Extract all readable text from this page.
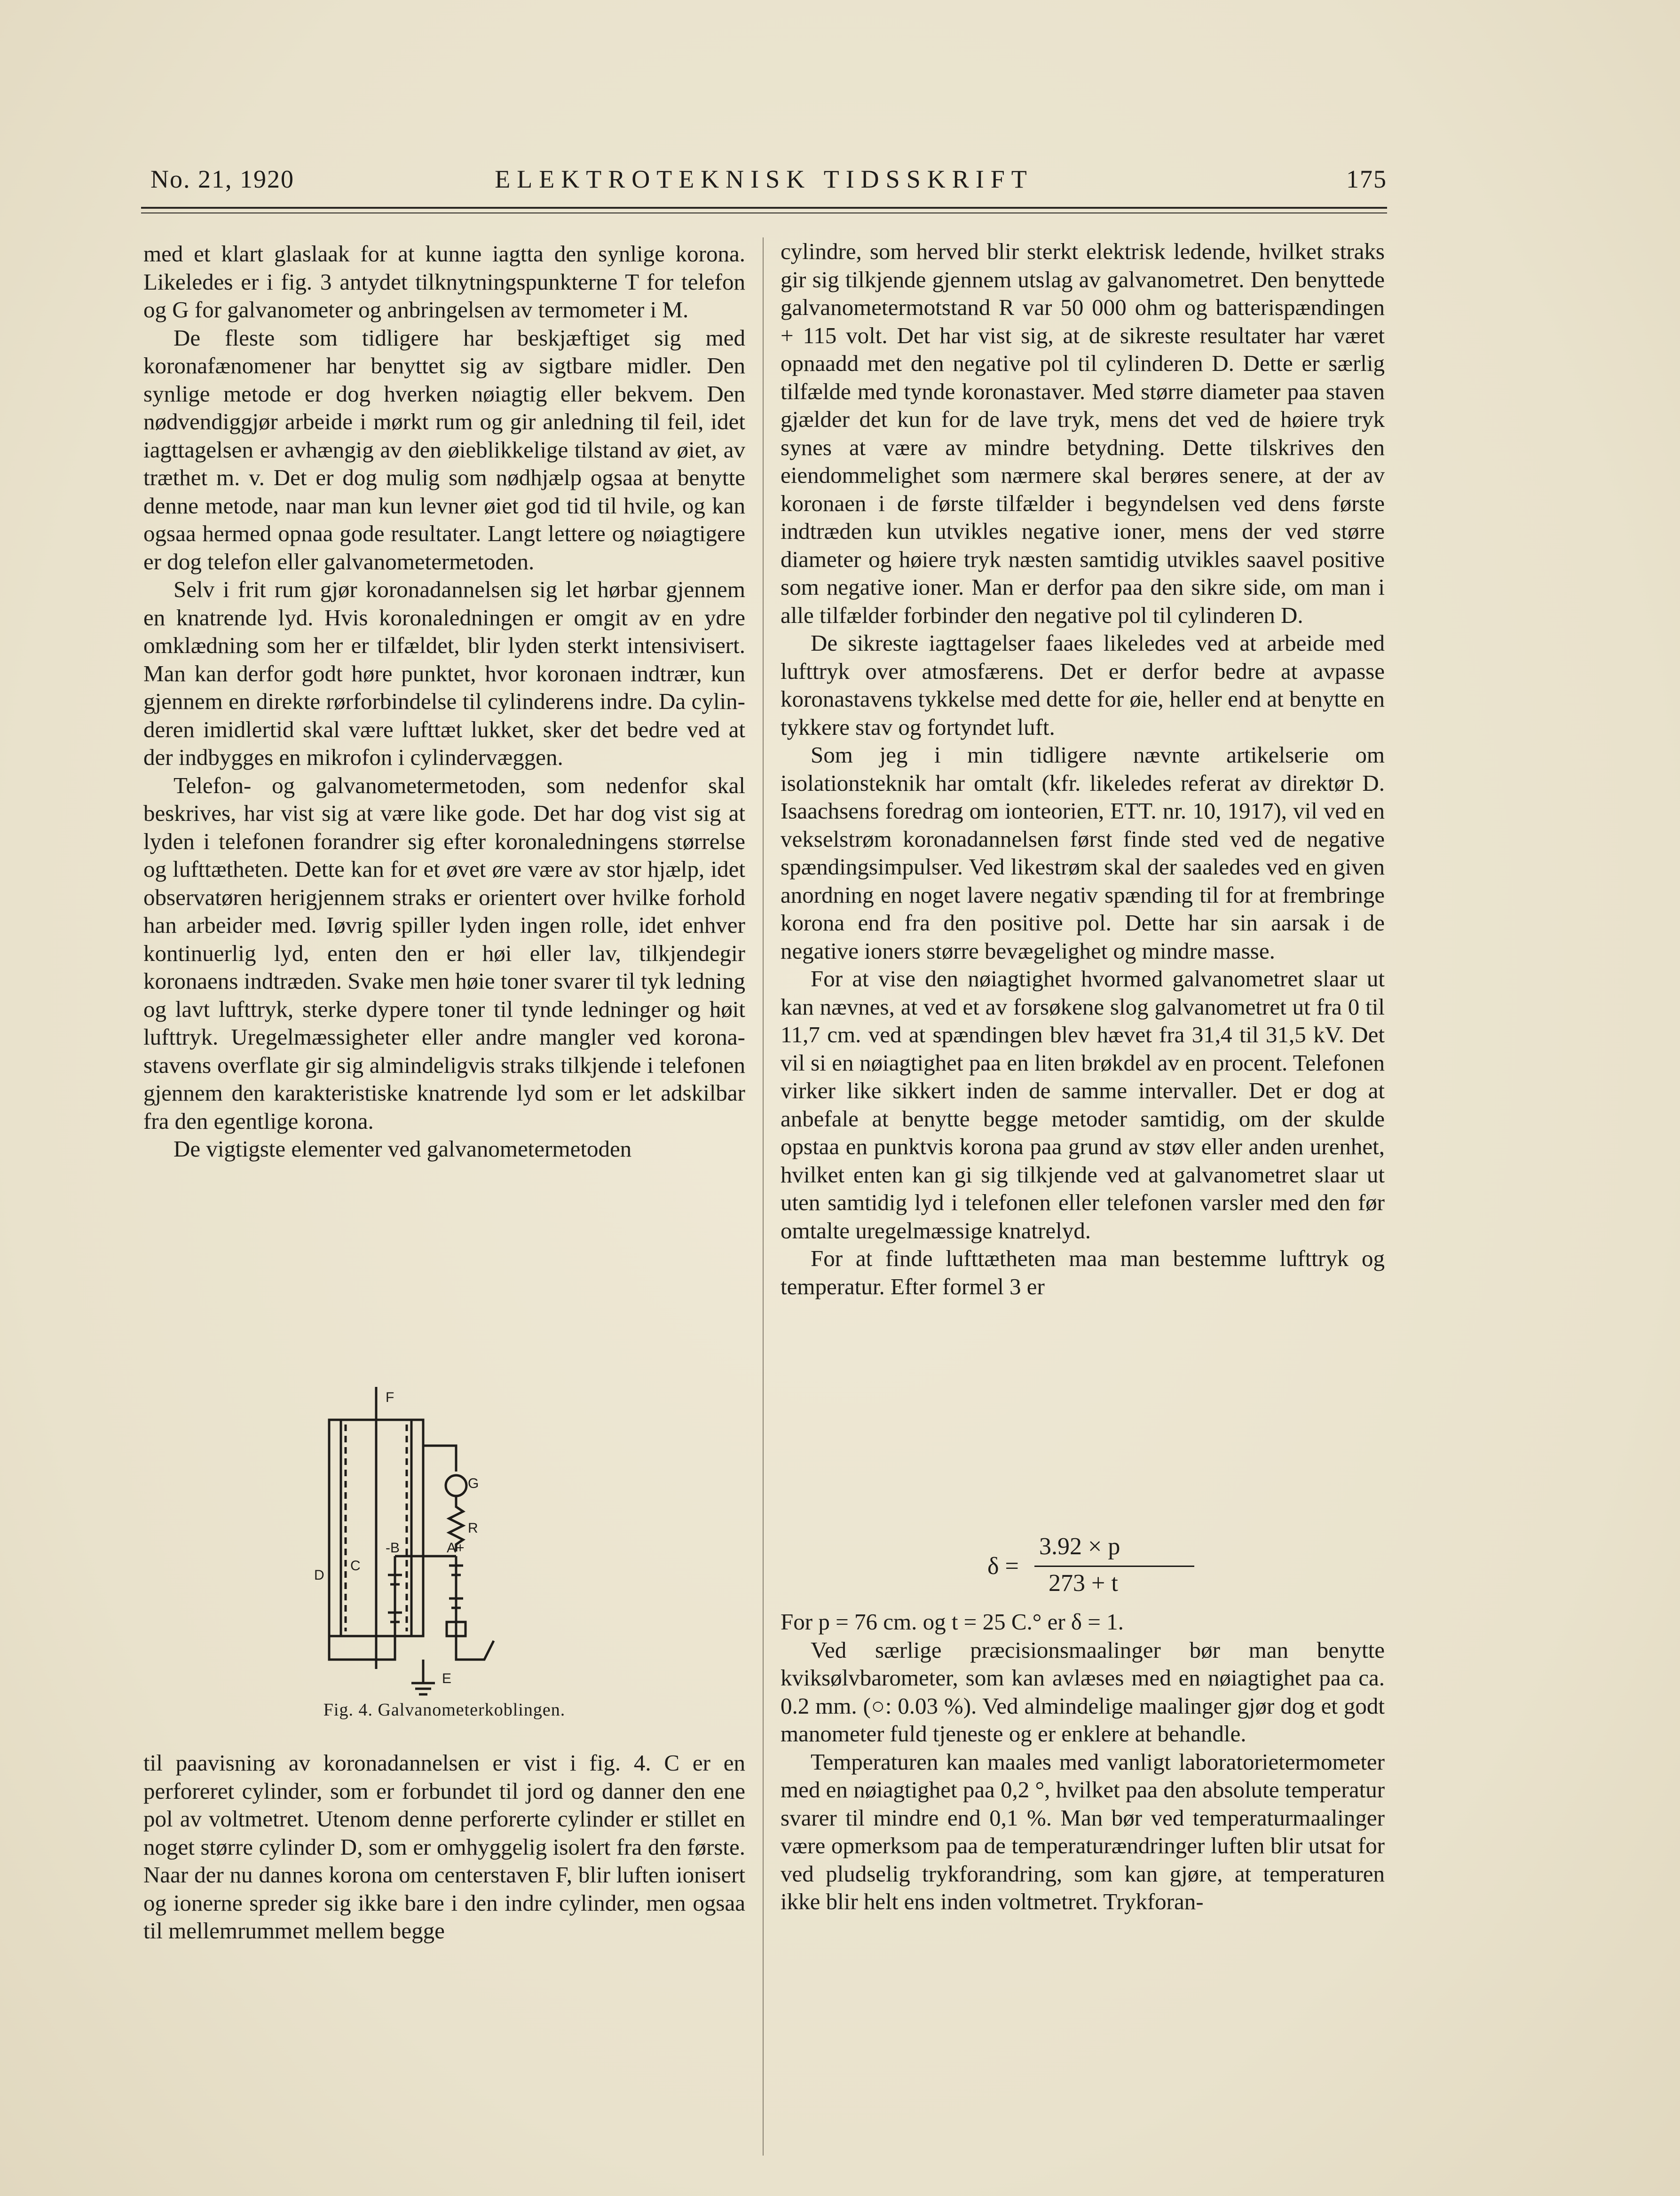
No. 21, 1920	ELEKTROTEKNISK TIDSSKRIFT	175

med et klart glaslaak for at kunne iagtta den synlige korona. Likeledes er i fig. 3 antydet tilknytningspunkterne T for telefon og G for galvanometer og anbringelsen av termometer i M.

De fleste som tidligere har beskjæftiget sig med koronafænomener har benyttet sig av sigtbare midler. Den synlige metode er dog hverken nøiagtig eller bekvem. Den nødvendiggjør arbeide i mørkt rum og gir anledning til feil, idet iagttagelsen er avhængig av den øieblikkelige tilstand av øiet, av træthet m. v. Det er dog mulig som nødhjælp ogsaa at benytte denne metode, naar man kun levner øiet god tid til hvile, og kan ogsaa hermed opnaa gode resultater. Langt lettere og nøiagtigere er dog telefon eller galvanometermetoden.

Selv i frit rum gjør koronadannelsen sig let hørbar gjennem en knatrende lyd. Hvis koronaledningen er omgit av en ydre omklædning som her er tilfældet, blir lyden sterkt intensivisert. Man kan derfor godt høre punktet, hvor koronaen indtrær, kun gjennem en direkte rørforbindelse til cylinderens indre. Da cylinderen imidlertid skal være lufttæt lukket, sker det bedre ved at der indbygges en mikrofon i cylindervæggen.

Telefon- og galvanometermetoden, som nedenfor skal beskrives, har vist sig at være like gode. Det har dog vist sig at lyden i telefonen forandrer sig efter koronaledningens størrelse og lufttætheten. Dette kan for et øvet øre være av stor hjælp, idet observatøren herigjennem straks er orientert over hvilke forhold han arbeider med. Iøvrig spiller lyden ingen rolle, idet enhver kontinuerlig lyd, enten den er høi eller lav, tilkjendegir koronaens indtræden. Svake men høie toner svarer til tyk ledning og lavt lufttryk, sterke dypere toner til tynde ledninger og høit lufttryk. Uregelmæssigheter eller andre mangler ved koronastavens overflate gir sig almindeligvis straks tilkjende i telefonen gjennem den karakteristiske knatrende lyd som er let adskilbar fra den egentlige korona.

De vigtigste elementer ved galvanometermetoden

F
G
R
-B	A+
C
D
E
Fig. 4. Galvanometerkoblingen.

til paavisning av koronadannelsen er vist i fig. 4. C er en perforeret cylinder, som er forbundet til jord og danner den ene pol av voltmetret. Utenom denne perforerte cylinder er stillet en noget større cylinder D, som er omhyggelig isolert fra den første. Naar der nu dannes korona om centerstaven F, blir luften ionisert og ionerne spreder sig ikke bare i den indre cylinder, men ogsaa til mellemrummet mellem begge

cylindre, som herved blir sterkt elektrisk ledende, hvilket straks gir sig tilkjende gjennem utslag av galvanometret. Den benyttede galvanometermotstand R var 50 000 ohm og batterispændingen + 115 volt. Det har vist sig, at de sikreste resultater har været opnaadd met den negative pol til cylinderen D. Dette er særlig tilfælde med tynde koronastaver. Med større diameter paa staven gjælder det kun for de lave tryk, mens det ved de høiere tryk synes at være av mindre betydning. Dette tilskrives den eiendommelighet som nærmere skal berøres senere, at der av koronaen i de første tilfælder i begyndelsen ved dens første indtræden kun utvikles negative ioner, mens der ved større diameter og høiere tryk næsten samtidig utvikles saavel positive som negative ioner. Man er derfor paa den sikre side, om man i alle tilfælder forbinder den negative pol til cylinderen D.

De sikreste iagttagelser faaes likeledes ved at arbeide med lufttryk over atmosfærens. Det er derfor bedre at avpasse koronastavens tykkelse med dette for øie, heller end at benytte en tykkere stav og fortyndet luft.

Som jeg i min tidligere nævnte artikelserie om isolationsteknik har omtalt (kfr. likeledes referat av direktør D. Isaachsens foredrag om ionteorien, ETT. nr. 10, 1917), vil ved en vekselstrøm koronadannelsen først finde sted ved de negative spændingsimpulser. Ved likestrøm skal der saaledes ved en given anordning en noget lavere negativ spænding til for at frembringe korona end fra den positive pol. Dette har sin aarsak i de negative ioners større bevægelighet og mindre masse.

For at vise den nøiagtighet hvormed galvanometret slaar ut kan nævnes, at ved et av forsøkene slog galvanometret ut fra 0 til 11,7 cm. ved at spændingen blev hævet fra 31,4 til 31,5 kV. Det vil si en nøiagtighet paa en liten brøkdel av en procent. Telefonen virker like sikkert inden de samme intervaller. Det er dog at anbefale at benytte begge metoder samtidig, om der skulde opstaa en punktvis korona paa grund av støv eller anden urenhet, hvilket enten kan gi sig tilkjende ved at galvanometret slaar ut uten samtidig lyd i telefonen eller telefonen varsler med den før omtalte uregelmæssige knatrelyd.

For at finde lufttætheten maa man bestemme lufttryk og temperatur. Efter formel 3 er

δ =
3.92 × p
273 + t

For p = 76 cm. og t = 25 C.° er δ = 1.

Ved særlige præcisionsmaalinger bør man benytte kviksølvbarometer, som kan avlæses med en nøiagtighet paa ca. 0.2 mm. (○: 0.03 %). Ved almindelige maalinger gjør dog et godt manometer fuld tjeneste og er enklere at behandle.

Temperaturen kan maales med vanligt laboratorietermometer med en nøiagtighet paa 0,2 °, hvilket paa den absolute temperatur svarer til mindre end 0,1 %. Man bør ved temperaturmaalinger være opmerksom paa de temperaturændringer luften blir utsat for ved pludselig trykforandring, som kan gjøre, at temperaturen ikke blir helt ens inden voltmetret. Trykforan-
